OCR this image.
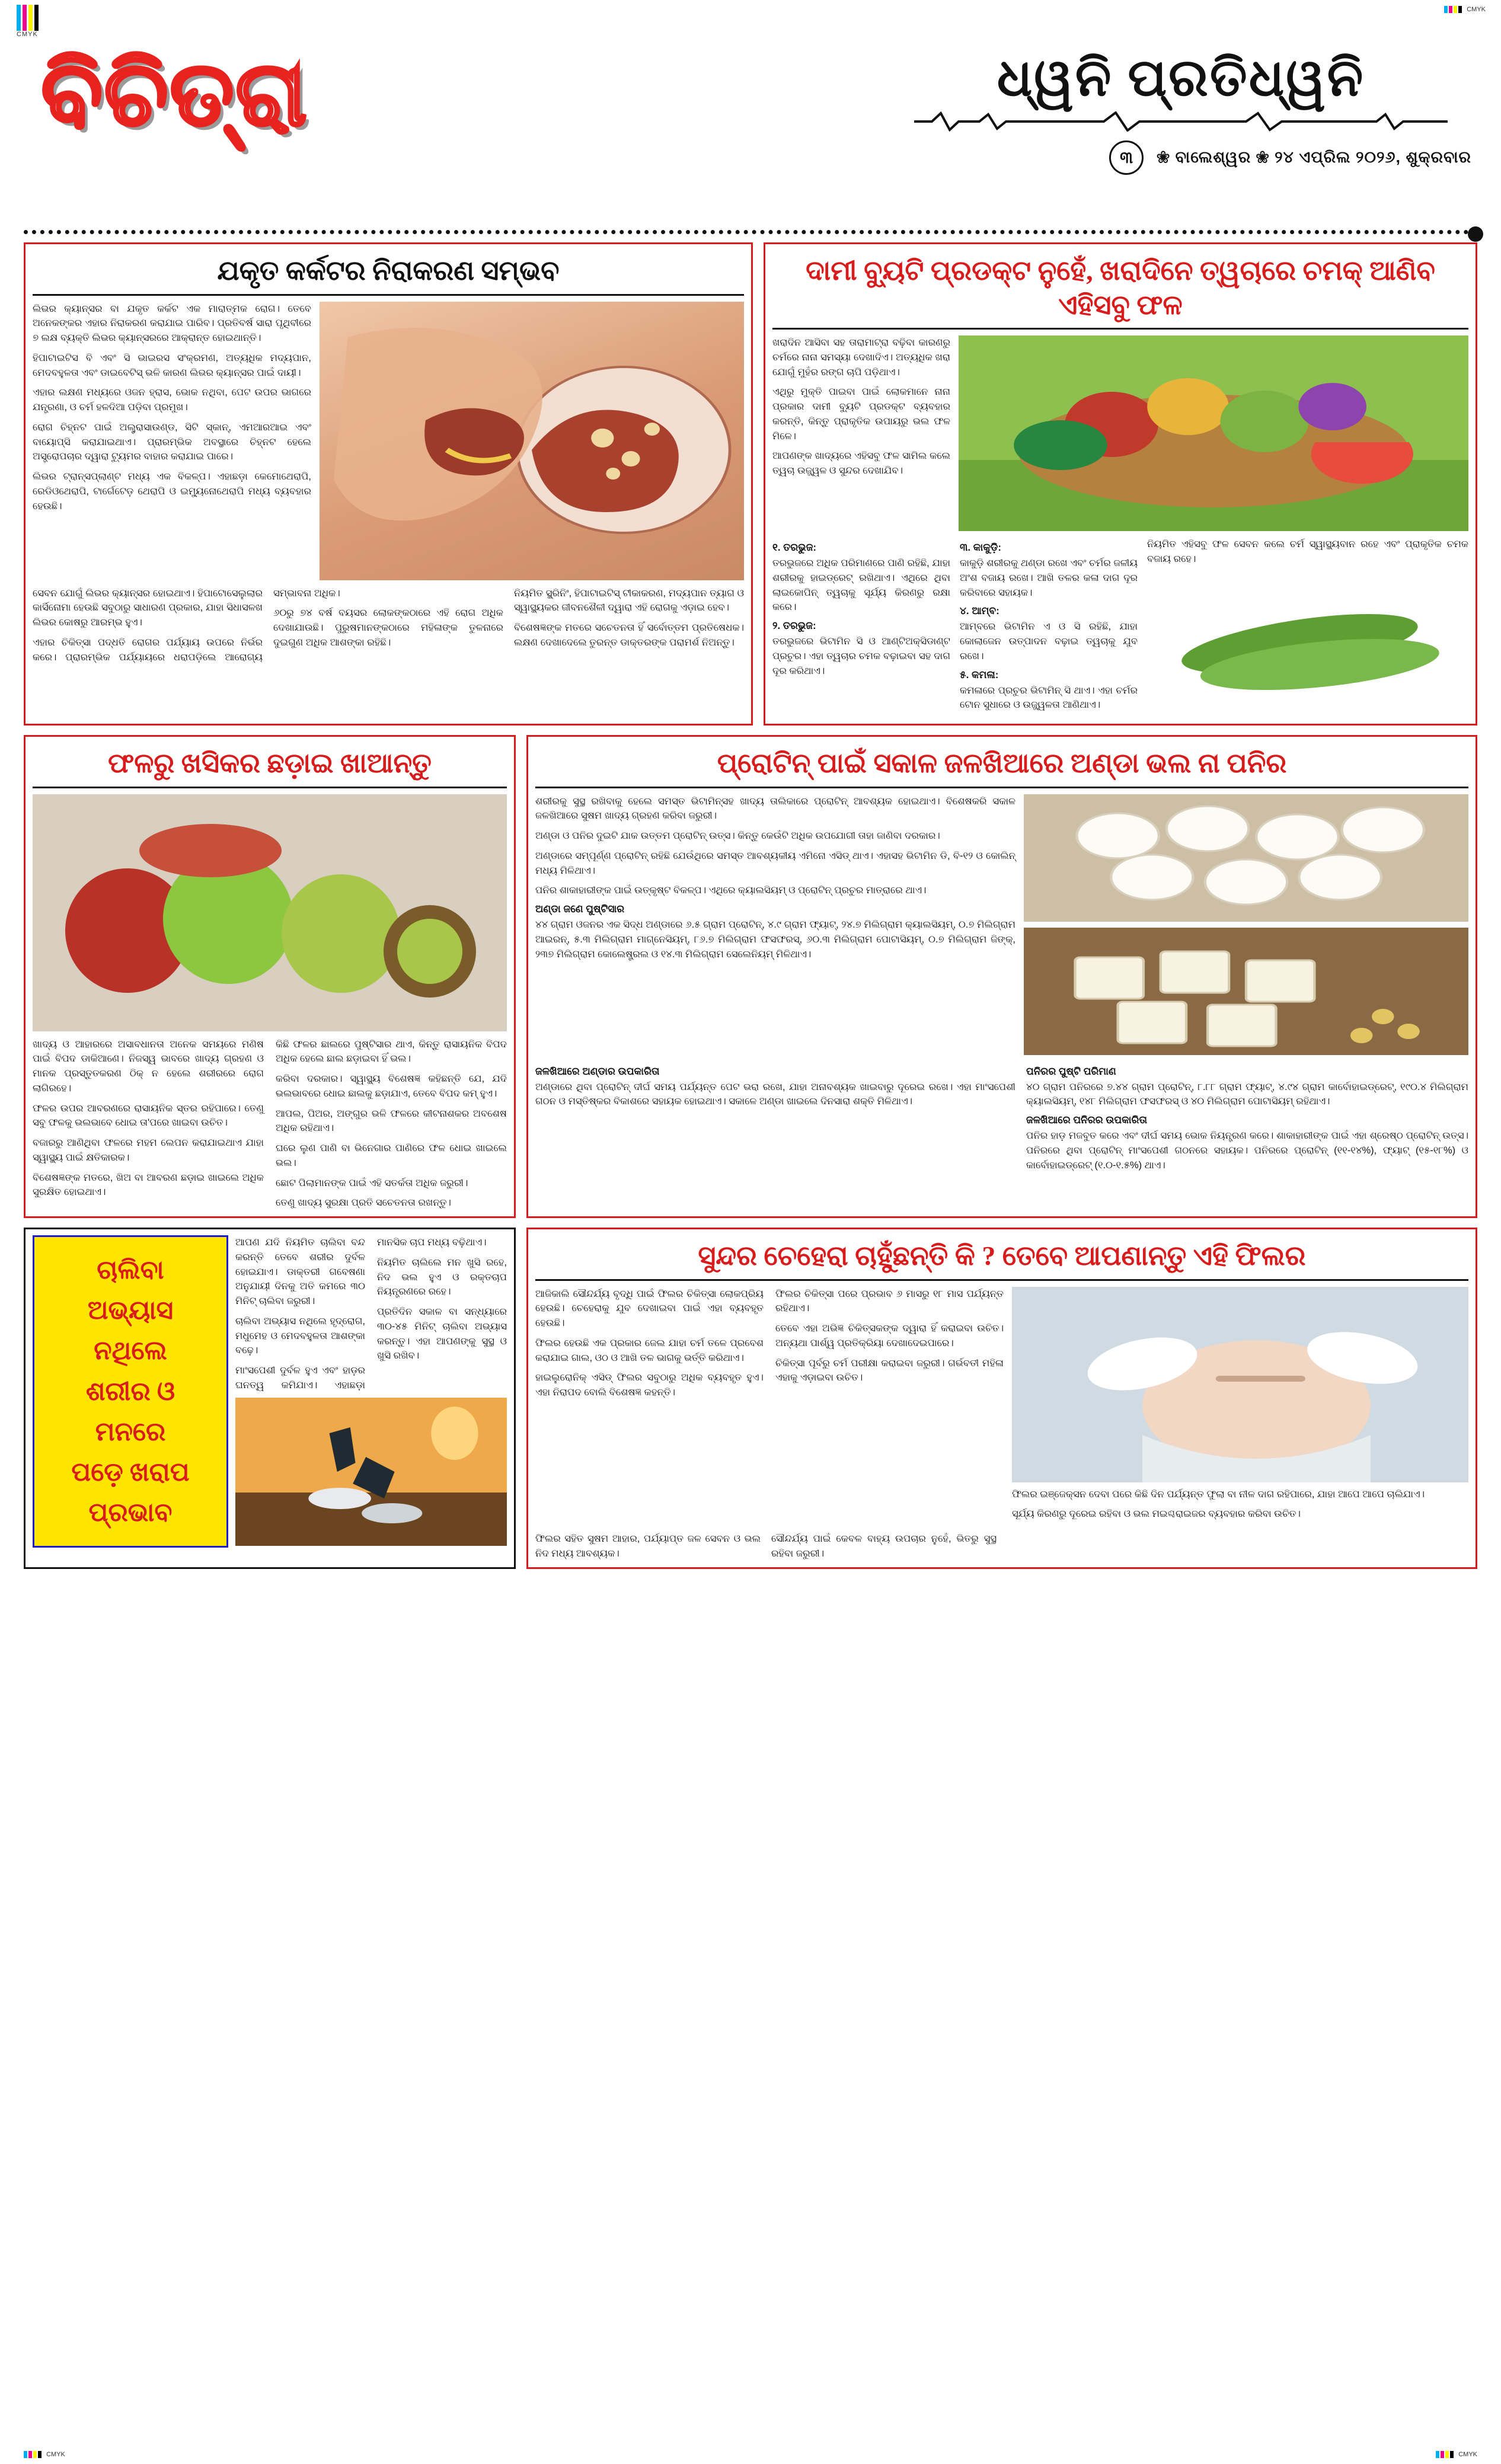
CMYK
CMYK
ବିଚିତ୍ରା	ଧ୍ୱନି ପ୍ରତିଧ୍ୱନି
୩	❀ ବାଲେଶ୍ୱର ❀ ୨୪ ଏପ୍ରିଲ ୨୦୨୬, ଶୁକ୍ରବାର
ଯକୃତ କର୍କଟର ନିରାକରଣ ସମ୍ଭବ

ଲିଭର କ୍ୟାନ୍ସର ବା ଯକୃତ କର୍କଟ ଏକ ମାରାତ୍ମକ ରୋଗ। ତେବେ ଅନେକଙ୍କର ଏହାର ନିରାକରଣ କରାଯାଇ ପାରିବ। ପ୍ରତିବର୍ଷ ସାରା ପୃଥିବୀରେ ୭ ଲକ୍ଷ ବ୍ୟକ୍ତି ଲିଭର କ୍ୟାନ୍ସରରେ ଆକ୍ରାନ୍ତ ହୋଇଥାନ୍ତି।

ହିପାଟାଇଟିସ ବି ଏବଂ ସି ଭାଇରସ ସଂକ୍ରମଣ, ଅତ୍ୟଧିକ ମଦ୍ୟପାନ, ମେଦବହୁଳତା ଏବଂ ଡାଇବେଟିସ୍ ଭଳି କାରଣ ଲିଭର କ୍ୟାନ୍ସର ପାଇଁ ଦାୟୀ।

ଏହାର ଲକ୍ଷଣ ମଧ୍ୟରେ ଓଜନ ହ୍ରାସ, ଭୋକ ନଥିବା, ପେଟ ଉପର ଭାଗରେ ଯନ୍ତ୍ରଣା, ଓ ଚର୍ମ ହଳଦିଆ ପଡ଼ିବା ପ୍ରମୁଖ।

ରୋଗ ଚିହ୍ନଟ ପାଇଁ ଅଲ୍ଟ୍ରାସାଉଣ୍ଡ, ସିଟି ସ୍କାନ୍, ଏମଆରଆଇ ଏବଂ ବାୟୋପ୍ସି କରାଯାଇଥାଏ। ପ୍ରାରମ୍ଭିକ ଅବସ୍ଥାରେ ଚିହ୍ନଟ ହେଲେ ଅସ୍ତ୍ରୋପଚାର ଦ୍ୱାରା ଟ୍ୟୁମର ବାହାର କରାଯାଇ ପାରେ।

ଲିଭର ଟ୍ରାନ୍ସପ୍ଲାଣ୍ଟ ମଧ୍ୟ ଏକ ବିକଳ୍ପ। ଏହାଛଡ଼ା କେମୋଥେରାପି, ରେଡିଓଥେରାପି, ଟାର୍ଗେଟେଡ଼ ଥେରାପି ଓ ଇମ୍ୟୁନୋଥେରାପି ମଧ୍ୟ ବ୍ୟବହାର ହେଉଛି।

ସେବନ ଯୋଗୁଁ ଲିଭର କ୍ୟାନ୍ସର ହୋଇଥାଏ। ହିପାଟୋସେଲୁଲାର କାର୍ସିନୋମା ହେଉଛି ସବୁଠାରୁ ସାଧାରଣ ପ୍ରକାର, ଯାହା ସିଧାସଳଖ ଲିଭର କୋଷରୁ ଆରମ୍ଭ ହୁଏ।

ଏହାର ଚିକିତ୍ସା ପଦ୍ଧତି ରୋଗର ପର୍ଯ୍ୟାୟ ଉପରେ ନିର୍ଭର କରେ। ପ୍ରାରମ୍ଭିକ ପର୍ଯ୍ୟାୟରେ ଧରାପଡ଼ିଲେ ଆରୋଗ୍ୟ ସମ୍ଭାବନା ଅଧିକ।

୬୦ରୁ ୭୪ ବର୍ଷ ବୟସର ଲୋକଙ୍କଠାରେ ଏହି ରୋଗ ଅଧିକ ଦେଖାଯାଉଛି। ପୁରୁଷମାନଙ୍କଠାରେ ମହିଳାଙ୍କ ତୁଳନାରେ ଦୁଇଗୁଣ ଅଧିକ ଆଶଙ୍କା ରହିଛି।

ନିୟମିତ ସ୍କ୍ରିନିଂ, ହିପାଟାଇଟିସ୍ ଟୀକାକରଣ, ମଦ୍ୟପାନ ତ୍ୟାଗ ଓ ସ୍ୱାସ୍ଥ୍ୟକର ଜୀବନଶୈଳୀ ଦ୍ୱାରା ଏହି ରୋଗକୁ ଏଡ଼ାଇ ହେବ।

ବିଶେଷଜ୍ଞଙ୍କ ମତରେ ସଚେତନତା ହିଁ ସର୍ବୋତ୍ତମ ପ୍ରତିଷେଧକ। ଲକ୍ଷଣ ଦେଖାଦେଲେ ତୁରନ୍ତ ଡାକ୍ତରଙ୍କ ପରାମର୍ଶ ନିଅନ୍ତୁ।

ଦାମୀ ବ୍ୟୁଟି ପ୍ରଡକ୍ଟ ନୁହେଁ, ଖରାଦିନେ ତ୍ୱଚାରେ ଚମକ୍ ଆଣିବ ଏହିସବୁ ଫଳ

ଖରାଦିନ ଆସିବା ସହ ତାରାମାଟ୍ରା ବଢ଼ିବା କାରଣରୁ ଚର୍ମରେ ନାନା ସମସ୍ୟା ଦେଖାଦିଏ। ଅତ୍ୟଧିକ ଖରା ଯୋଗୁଁ ମୁହଁର ରଙ୍ଗ ଚାପି ପଡ଼ିଥାଏ।

ଏଥିରୁ ମୁକ୍ତି ପାଇବା ପାଇଁ ଲୋକମାନେ ନାନା ପ୍ରକାର ଦାମୀ ବ୍ୟୁଟି ପ୍ରଡକ୍ଟ ବ୍ୟବହାର କରନ୍ତି, କିନ୍ତୁ ପ୍ରାକୃତିକ ଉପାୟରୁ ଭଲ ଫଳ ମିଳେ।

ଆପଣଙ୍କ ଖାଦ୍ୟରେ ଏହିସବୁ ଫଳ ସାମିଲ କଲେ ତ୍ୱଚା ଉଜ୍ଜ୍ୱଳ ଓ ସୁନ୍ଦର ଦେଖାଯିବ।

୧. ତରଭୁଜ:

ତରଭୁଜରେ ଅଧିକ ପରିମାଣରେ ପାଣି ରହିଛି, ଯାହା ଶରୀରକୁ ହାଇଡ୍ରେଟ୍ ରଖିଥାଏ। ଏଥିରେ ଥିବା ଲାଇକୋପିନ୍ ତ୍ୱଚାକୁ ସୂର୍ଯ୍ୟ କିରଣରୁ ରକ୍ଷା କରେ।

୨. ତରଭୁଜ:

ତରଭୁଜରେ ଭିଟାମିନ ସି ଓ ଆଣ୍ଟିଅକ୍ସିଡାଣ୍ଟ ପ୍ରଚୁର। ଏହା ତ୍ୱଚାର ଚମକ ବଢ଼ାଇବା ସହ ଦାଗ ଦୂର କରିଥାଏ।

୩. କାକୁଡ଼ି:

କାକୁଡ଼ି ଶରୀରକୁ ଥଣ୍ଡା ରଖେ ଏବଂ ଚର୍ମର ଜଳୀୟ ଅଂଶ ବଜାୟ ରଖେ। ଆଖି ତଳର କଳା ଦାଗ ଦୂର କରିବାରେ ସହାୟକ।

୪. ଆମ୍ବ:

ଆମ୍ବରେ ଭିଟାମିନ ଏ ଓ ସି ରହିଛି, ଯାହା କୋଲାଜେନ ଉତ୍ପାଦନ ବଢ଼ାଇ ତ୍ୱଚାକୁ ଯୁବ ରଖେ।

୫. କମଳା:

କମଳାରେ ପ୍ରଚୁର ଭିଟାମିନ୍ ସି ଥାଏ। ଏହା ଚର୍ମର ଟୋନ ସୁଧାରେ ଓ ଉଜ୍ଜ୍ୱଳତା ଆଣିଥାଏ।

ନିୟମିତ ଏହିସବୁ ଫଳ ସେବନ କଲେ ଚର୍ମ ସ୍ୱାସ୍ଥ୍ୟବାନ ରହେ ଏବଂ ପ୍ରାକୃତିକ ଚମକ ବଜାୟ ରହେ।

ଫଳରୁ ଖସିକର ଛଡ଼ାଇ ଖାଆନ୍ତୁ

ଖାଦ୍ୟ ଓ ଆହାରରେ ଅସାବଧାନତା ଅନେକ ସମୟରେ ମଣିଷ ପାଇଁ ବିପଦ ଡାକିଆଣେ। ନିଜସ୍ୱ ଭାବରେ ଖାଦ୍ୟ ଗ୍ରହଣ ଓ ମାନକ ପ୍ରସ୍ତୁତକରଣ ଠିକ୍ ନ ହେଲେ ଶରୀରରେ ରୋଗ ଲାଗିରହେ।

ଫଳର ଉପର ଆବରଣରେ ରାସାୟନିକ ସ୍ତର ରହିପାରେ। ତେଣୁ ସବୁ ଫଳକୁ ଭଲଭାବେ ଧୋଇ ତା'ପରେ ଖାଇବା ଉଚିତ।

ବଜାରରୁ ଆଣିଥିବା ଫଳରେ ମହମ ଲେପନ କରାଯାଇଥାଏ ଯାହା ସ୍ୱାସ୍ଥ୍ୟ ପାଇଁ କ୍ଷତିକାରକ।

ବିଶେଷଜ୍ଞଙ୍କ ମତରେ, ଖିଅ ବା ଆବରଣ ଛଡ଼ାଇ ଖାଇଲେ ଅଧିକ ସୁରକ୍ଷିତ ହୋଇଥାଏ।

କିଛି ଫଳର ଛାଲରେ ପୁଷ୍ଟିସାର ଥାଏ, କିନ୍ତୁ ରାସାୟନିକ ବିପଦ ଅଧିକ ହେଲେ ଛାଲ ଛଡ଼ାଇବା ହିଁ ଭଲ।

କରିବା ଦରକାର। ସ୍ୱାସ୍ଥ୍ୟ ବିଶେଷଜ୍ଞ କହିଛନ୍ତି ଯେ, ଯଦି ଭଲଭାବରେ ଧୋଇ ଛାଲକୁ ଛଡ଼ାଯାଏ, ତେବେ ବିପଦ କମ୍ ହୁଏ।

ଆପଲ, ପିଅର, ଅଙ୍ଗୁର ଭଳି ଫଳରେ କୀଟନାଶକର ଅବଶେଷ ଅଧିକ ରହିଥାଏ।

ଘରେ ଲୁଣ ପାଣି ବା ଭିନେଗାର ପାଣିରେ ଫଳ ଧୋଇ ଖାଇଲେ ଭଲ।

ଛୋଟ ପିଲାମାନଙ୍କ ପାଇଁ ଏହି ସତର୍କତା ଅଧିକ ଜରୁରୀ।

ତେଣୁ ଖାଦ୍ୟ ସୁରକ୍ଷା ପ୍ରତି ସଚେତନତା ରଖନ୍ତୁ।

ପ୍ରୋଟିନ୍ ପାଇଁ ସକାଳ ଜଳଖିଆରେ ଅଣ୍ଡା ଭଲ ନା ପନିର

ଶରୀରକୁ ସୁସ୍ଥ ରଖିବାକୁ ହେଲେ ସମସ୍ତ ଭିଟାମିନ୍‌ସହ ଖାଦ୍ୟ ତାଲିକାରେ ପ୍ରୋଟିନ୍ ଆବଶ୍ୟକ ହୋଇଥାଏ। ବିଶେଷକରି ସକାଳ ଜଳଖିଆରେ ସୁଷମ ଖାଦ୍ୟ ଗ୍ରହଣ କରିବା ଜରୁରୀ।

ଅଣ୍ଡା ଓ ପନିର ଦୁଇଟି ଯାକ ଉତ୍ତମ ପ୍ରୋଟିନ୍ ଉତ୍ସ। କିନ୍ତୁ କେଉଁଟି ଅଧିକ ଉପଯୋଗୀ ତାହା ଜାଣିବା ଦରକାର।

ଅଣ୍ଡାରେ ସମ୍ପୂର୍ଣ୍ଣ ପ୍ରୋଟିନ୍ ରହିଛି ଯେଉଁଥିରେ ସମସ୍ତ ଆବଶ୍ୟକୀୟ ଏମିନୋ ଏସିଡ୍ ଥାଏ। ଏହାସହ ଭିଟାମିନ ଡି, ବି-୧୨ ଓ କୋଲିନ୍ ମଧ୍ୟ ମିଳିଥାଏ।

ପନିର ଶାକାହାରୀଙ୍କ ପାଇଁ ଉତ୍କୃଷ୍ଟ ବିକଳ୍ପ। ଏଥିରେ କ୍ୟାଲସିୟମ୍ ଓ ପ୍ରୋଟିନ୍ ପ୍ରଚୁର ମାତ୍ରାରେ ଥାଏ।

ଅଣ୍ଡା ଜଣେ ପୁଷ୍ଟିସାର

୪୪ ଗ୍ରାମ ଓଜନର ଏକ ସିଦ୍ଧ ଅଣ୍ଡାରେ ୬.୫ ଗ୍ରାମ ପ୍ରୋଟିନ୍, ୪.୯ ଗ୍ରାମ ଫ୍ୟାଟ୍, ୨୪.୭ ମିଲିଗ୍ରାମ କ୍ୟାଲସିୟମ୍, ୦.୭ ମିଲିଗ୍ରାମ ଆଇରନ୍, ୫.୩ ମିଲିଗ୍ରାମ ମାଗ୍ନେସିୟମ୍, ୮୬.୭ ମିଲିଗ୍ରାମ ଫସଫରସ୍, ୬୦.୩ ମିଲିଗ୍ରାମ ପୋଟାସିୟମ୍, ୦.୭ ମିଲିଗ୍ରାମ ଜିଙ୍କ୍, ୨୩୭ ମିଲିଗ୍ରାମ କୋଲେଷ୍ଟ୍ରଲ ଓ ୧୪.୩ ମିଲିଗ୍ରାମ ସେଲେନିୟମ୍ ମିଳିଥାଏ।

ଜଳଖିଆରେ ଅଣ୍ଡାର ଉପକାରିତା

ଅଣ୍ଡାରେ ଥିବା ପ୍ରୋଟିନ୍ ଦୀର୍ଘ ସମୟ ପର୍ଯ୍ୟନ୍ତ ପେଟ ଭରା ରଖେ, ଯାହା ଅନାବଶ୍ୟକ ଖାଇବାରୁ ଦୂରେଇ ରଖେ। ଏହା ମାଂସପେଶୀ ଗଠନ ଓ ମସ୍ତିଷ୍କର ବିକାଶରେ ସହାୟକ ହୋଇଥାଏ। ସକାଳେ ଅଣ୍ଡା ଖାଇଲେ ଦିନସାରା ଶକ୍ତି ମିଳିଥାଏ।

ପନିରର ପୁଷ୍ଟି ପରିମାଣ

୪୦ ଗ୍ରାମ ପନିରରେ ୭.୪୪ ଗ୍ରାମ ପ୍ରୋଟିନ୍, ୮.୮୮ ଗ୍ରାମ ଫ୍ୟାଟ୍, ୪.୯୪ ଗ୍ରାମ କାର୍ବୋହାଇଡ୍ରେଟ୍, ୧୯୦.୪ ମିଲିଗ୍ରାମ କ୍ୟାଲସିୟମ୍, ୧୪୮ ମିଲିଗ୍ରାମ ଫସଫରସ୍ ଓ ୪୦ ମିଲିଗ୍ରାମ ପୋଟାସିୟମ୍ ରହିଥାଏ।

ଜଳଖିଆରେ ପନିରର ଉପକାରିତା

ପନିର ହାଡ଼ ମଜବୁତ କରେ ଏବଂ ଦୀର୍ଘ ସମୟ ଭୋକ ନିୟନ୍ତ୍ରଣ କରେ। ଶାକାହାରୀଙ୍କ ପାଇଁ ଏହା ଶ୍ରେଷ୍ଠ ପ୍ରୋଟିନ୍ ଉତ୍ସ। ପନିରରେ ଥିବା ପ୍ରୋଟିନ୍ ମାଂସପେଶୀ ଗଠନରେ ସହାୟକ। ପନିରରେ ପ୍ରୋଟିନ୍ (୧୧-୧୪%), ଫ୍ୟାଟ୍ (୧୫-୧୮%) ଓ କାର୍ବୋହାଇଡ୍ରେଟ୍ (୧.୦-୧.୫%) ଥାଏ।

ଚାଲିବା
ଅଭ୍ୟାସ
ନଥିଲେ
ଶରୀର ଓ
ମନରେ
ପଡ଼େ ଖରାପ
ପ୍ରଭାବ

ଆପଣ ଯଦି ନିୟମିତ ଚାଲିବା ବନ୍ଦ କରନ୍ତି ତେବେ ଶରୀର ଦୁର୍ବଳ ହୋଇଯାଏ। ଡାକ୍ତରୀ ଗବେଷଣା ଅନୁଯାୟୀ ଦିନକୁ ଅତି କମରେ ୩୦ ମିନିଟ୍ ଚାଲିବା ଜରୁରୀ।

ଚାଲିବା ଅଭ୍ୟାସ ନଥିଲେ ହୃଦ୍‌ରୋଗ, ମଧୁମେହ ଓ ମେଦବହୁଳତା ଆଶଙ୍କା ବଢ଼େ।

ମାଂସପେଶୀ ଦୁର୍ବଳ ହୁଏ ଏବଂ ହାଡ଼ର ଘନତ୍ୱ କମିଯାଏ। ଏହାଛଡ଼ା ମାନସିକ ଚାପ ମଧ୍ୟ ବଢ଼ିଥାଏ।

ନିୟମିତ ଚାଲିଲେ ମନ ଖୁସି ରହେ, ନିଦ ଭଲ ହୁଏ ଓ ରକ୍ତଚାପ ନିୟନ୍ତ୍ରଣରେ ରହେ।

ପ୍ରତିଦିନ ସକାଳ ବା ସନ୍ଧ୍ୟାରେ ୩୦-୪୫ ମିନିଟ୍ ଚାଲିବା ଅଭ୍ୟାସ କରନ୍ତୁ। ଏହା ଆପଣଙ୍କୁ ସୁସ୍ଥ ଓ ଖୁସି ରଖିବ।

ସୁନ୍ଦର ଚେହେରା ଚାହୁଁଛନ୍ତି କି ? ତେବେ ଆପଣାନ୍ତୁ ଏହି ଫିଲର

ଆଜିକାଲି ସୌନ୍ଦର୍ଯ୍ୟ ବୃଦ୍ଧି ପାଇଁ ଫିଲର ଚିକିତ୍ସା ଲୋକପ୍ରିୟ ହେଉଛି। ଚେହେରାକୁ ଯୁବ ଦେଖାଇବା ପାଇଁ ଏହା ବ୍ୟବହୃତ ହେଉଛି।

ଫିଲର ହେଉଛି ଏକ ପ୍ରକାର ଜେଲ ଯାହା ଚର୍ମ ତଳେ ପ୍ରବେଶ କରାଯାଇ ଗାଲ, ଓଠ ଓ ଆଖି ତଳ ଭାଗକୁ ଭର୍ତ୍ତି କରିଥାଏ।

ହାଇଲୁରୋନିକ୍ ଏସିଡ୍ ଫିଲର ସବୁଠାରୁ ଅଧିକ ବ୍ୟବହୃତ ହୁଏ। ଏହା ନିରାପଦ ବୋଲି ବିଶେଷଜ୍ଞ କହନ୍ତି।

ଫିଲର ଚିକିତ୍ସା ପରେ ପ୍ରଭାବ ୬ ମାସରୁ ୧୮ ମାସ ପର୍ଯ୍ୟନ୍ତ ରହିଥାଏ।

ତେବେ ଏହା ଅଭିଜ୍ଞ ଚିକିତ୍ସକଙ୍କ ଦ୍ୱାରା ହିଁ କରାଇବା ଉଚିତ। ଅନ୍ୟଥା ପାର୍ଶ୍ୱ ପ୍ରତିକ୍ରିୟା ଦେଖାଦେଇପାରେ।

ଚିକିତ୍ସା ପୂର୍ବରୁ ଚର୍ମ ପରୀକ୍ଷା କରାଇବା ଜରୁରୀ। ଗର୍ଭବତୀ ମହିଳା ଏହାକୁ ଏଡ଼ାଇବା ଉଚିତ।

ଫିଲର ଇଞ୍ଜେକ୍ସନ ଦେବା ପରେ କିଛି ଦିନ ପର୍ଯ୍ୟନ୍ତ ଫୁଲା ବା ନୀଳ ଦାଗ ରହିପାରେ, ଯାହା ଆପେ ଆପେ ଚାଲିଯାଏ।

ସୂର୍ଯ୍ୟ କିରଣରୁ ଦୂରେଇ ରହିବା ଓ ଭଲ ମଇଶ୍ଚରାଇଜର ବ୍ୟବହାର କରିବା ଉଚିତ।

ଫିଲର ସହିତ ସୁଷମ ଆହାର, ପର୍ଯ୍ୟାପ୍ତ ଜଳ ସେବନ ଓ ଭଲ ନିଦ ମଧ୍ୟ ଆବଶ୍ୟକ।

ସୌନ୍ଦର୍ଯ୍ୟ ପାଇଁ କେବଳ ବାହ୍ୟ ଉପଚାର ନୁହେଁ, ଭିତରୁ ସୁସ୍ଥ ରହିବା ଜରୁରୀ।

CMYK	CMYK
